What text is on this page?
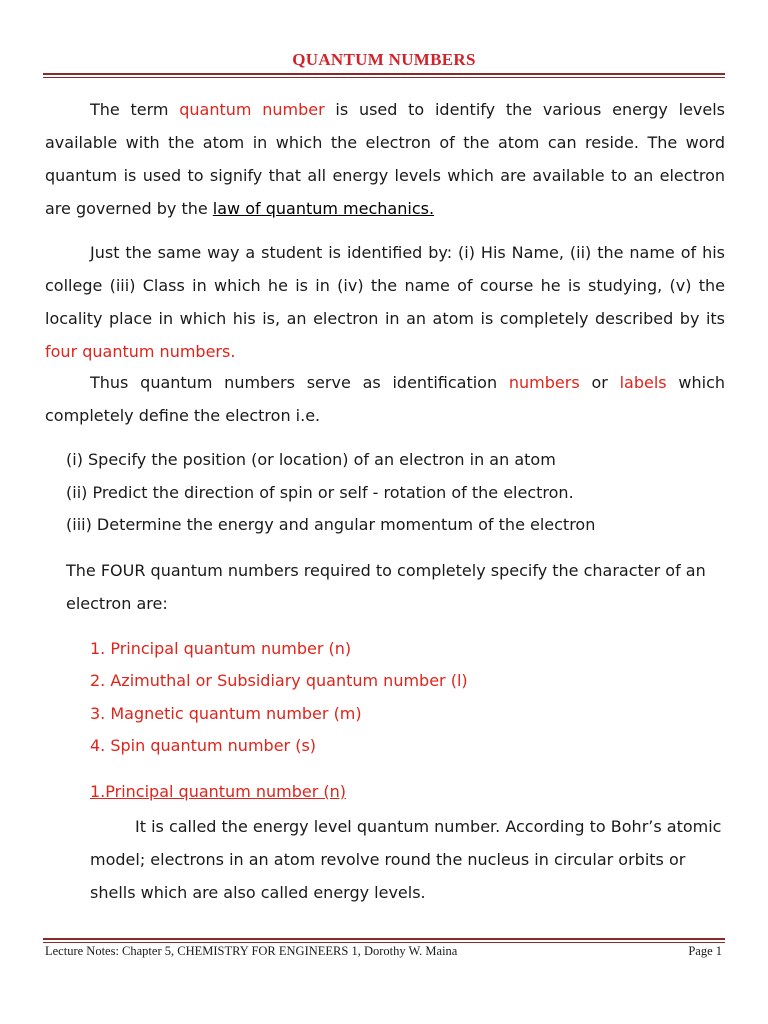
QUANTUM NUMBERS
The term quantum number is used to identify the various energy levels available with the atom in which the electron of the atom can reside. The word quantum is used to signify that all energy levels which are available to an electron are governed by the law of quantum mechanics.
Just the same way a student is identified by: (i) His Name, (ii) the name of his college (iii) Class in which he is in (iv) the name of course he is studying, (v) the locality place in which his is, an electron in an atom is completely described by its four quantum numbers.
Thus quantum numbers serve as identification numbers or labels which completely define the electron i.e.
(i) Specify the position (or location) of an electron in an atom
(ii) Predict the direction of spin or self - rotation of the electron.
(iii) Determine the energy and angular momentum of the electron
The FOUR quantum numbers required to completely specify the character of an electron are:
1. Principal quantum number (n)
2. Azimuthal or Subsidiary quantum number (l)
3. Magnetic quantum number (m)
4. Spin quantum number (s)
1.Principal quantum number (n)
It is called the energy level quantum number. According to Bohr’s atomic model; electrons in an atom revolve round the nucleus in circular orbits or shells which are also called energy levels.
Lecture Notes: Chapter 5, CHEMISTRY FOR ENGINEERS 1, Dorothy W. Maina	Page 1
